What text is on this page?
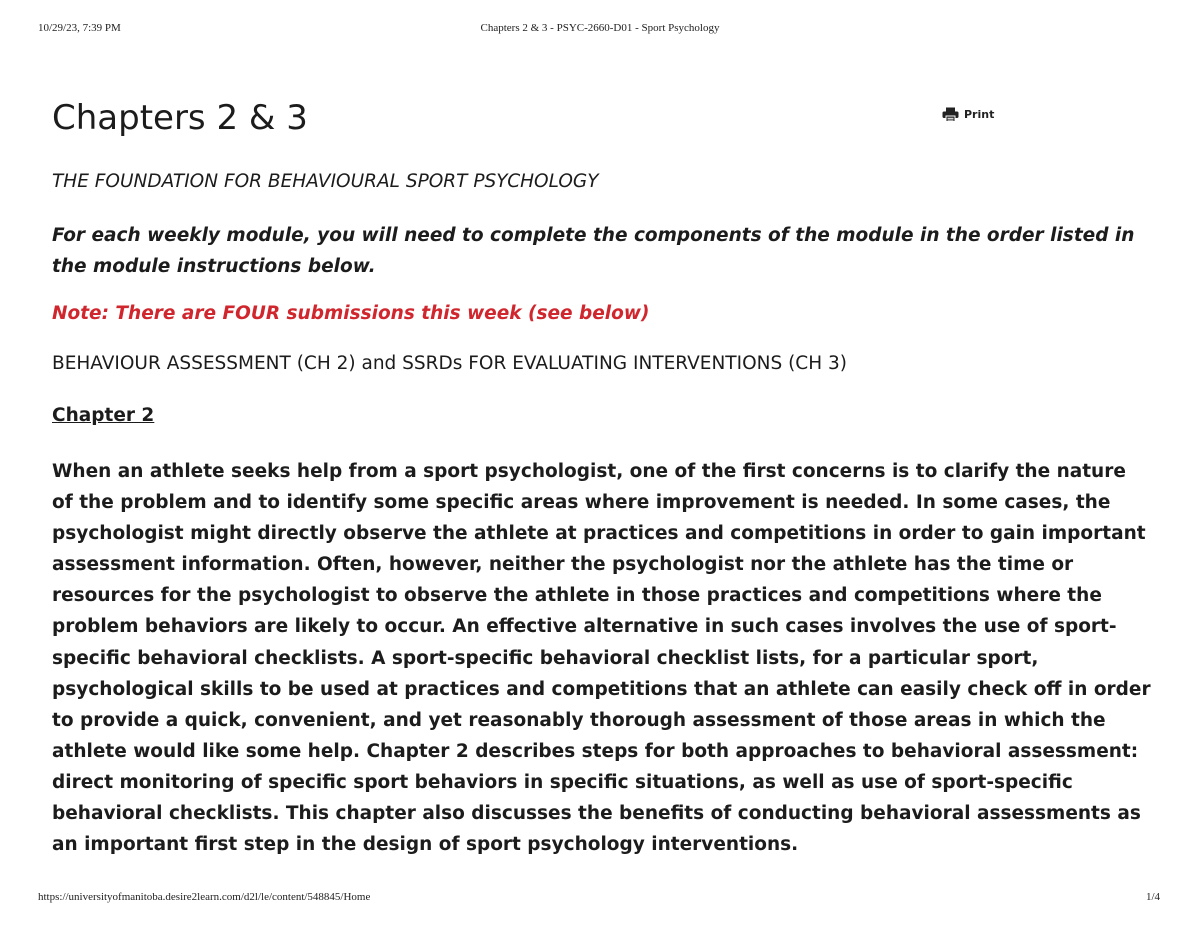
10/29/23, 7:39 PM	Chapters 2 & 3 - PSYC-2660-D01 - Sport Psychology
Chapters 2 & 3	Print

THE FOUNDATION FOR BEHAVIOURAL SPORT PSYCHOLOGY

For each weekly module, you will need to complete the components of the module in the order listed in the module instructions below.

Note: There are FOUR submissions this week (see below)

BEHAVIOUR ASSESSMENT (CH 2) and SSRDs FOR EVALUATING INTERVENTIONS (CH 3)

Chapter 2

When an athlete seeks help from a sport psychologist, one of the first concerns is to clarify the nature of the problem and to identify some specific areas where improvement is needed. In some cases, the psychologist might directly observe the athlete at practices and competitions in order to gain important assessment information. Often, however, neither the psychologist nor the athlete has the time or resources for the psychologist to observe the athlete in those practices and competitions where the problem behaviors are likely to occur. An effective alternative in such cases involves the use of sport-specific behavioral checklists. A sport-specific behavioral checklist lists, for a particular sport, psychological skills to be used at practices and competitions that an athlete can easily check off in order to provide a quick, convenient, and yet reasonably thorough assessment of those areas in which the athlete would like some help. Chapter 2 describes steps for both approaches to behavioral assessment: direct monitoring of specific sport behaviors in specific situations, as well as use of sport-specific behavioral checklists. This chapter also discusses the benefits of conducting behavioral assessments as an important first step in the design of sport psychology interventions.

https://universityofmanitoba.desire2learn.com/d2l/le/content/548845/Home	1/4
